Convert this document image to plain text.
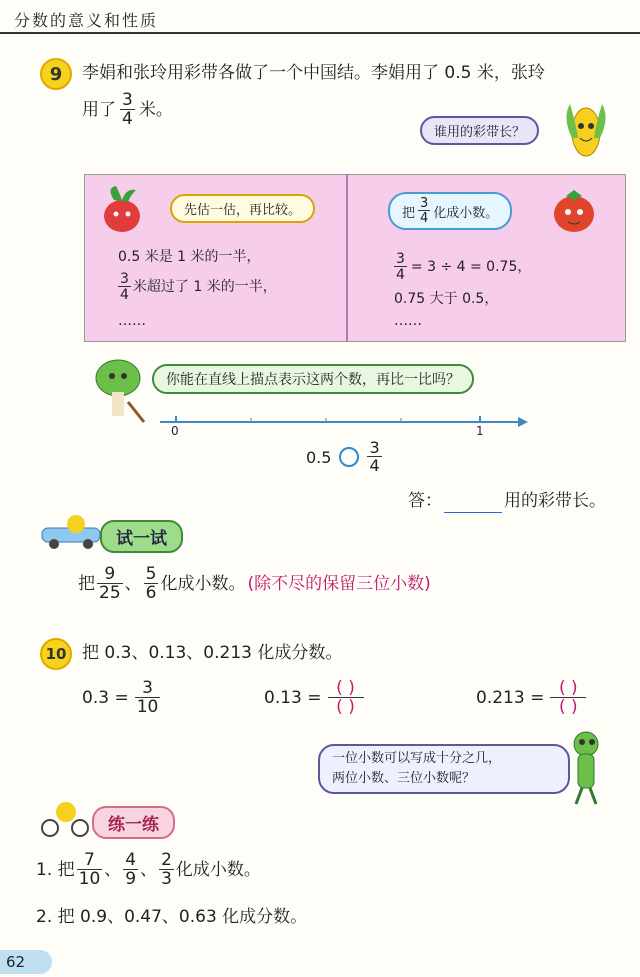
分数的意义和性质
9	李娟和张玲用彩带各做了一个中国结。李娟用了 0.5 米，张玲
用了 $\frac{3}{4}$ 米。
谁用的彩带长？
先估一估，再比较。
0.5 米是 1 米的一半，
$\frac{3}{4}$ 米超过了 1 米的一半，
……
把 $\frac{3}{4}$ 化成小数。
$\frac{3}{4} = 3 \div 4 = 0.75$，
0.75 大于 0.5，
……
你能在直线上描点表示这两个数，再比一比吗？
0	1
$0.5 \frac{3}{4}$
答：	用的彩带长。
试一试
把 $\frac{9}{25}$ 、 $\frac{5}{6}$ 化成小数。 (除不尽的保留三位小数)
10 把 0.3、0.13、0.213 化成分数。
$0.3 = \frac{3}{10}$	$0.13 = \frac{( )}{( )}$	$0.213 = \frac{( )}{( )}$
一位小数可以写成十分之几，
两位小数、三位小数呢？
练一练
1. 把 $\frac{7}{10}$ 、 $\frac{4}{9}$ 、 $\frac{2}{3}$ 化成小数。
2. 把 0.9、0.47、0.63 化成分数。
62
